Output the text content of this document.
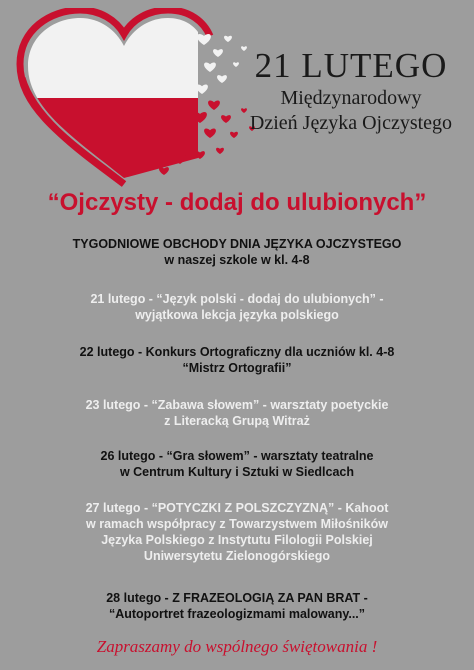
21 LUTEGO
Międzynarodowy
Dzień Języka Ojczystego
“Ojczysty - dodaj do ulubionych”
TYGODNIOWE OBCHODY DNIA JĘZYKA OJCZYSTEGO
w naszej szkole w kl. 4-8
21 lutego - “Język polski - dodaj do ulubionych” -
wyjątkowa lekcja języka polskiego
22 lutego - Konkurs Ortograficzny dla uczniów kl. 4-8
“Mistrz Ortografii”
23 lutego - “Zabawa słowem” - warsztaty poetyckie
z Literacką Grupą Witraż
26 lutego - “Gra słowem” - warsztaty teatralne
w Centrum Kultury i Sztuki w Siedlcach
27 lutego - “POTYCZKI Z POLSZCZYZNĄ” - Kahoot
w ramach współpracy z Towarzystwem Miłośników
Języka Polskiego z Instytutu Filologii Polskiej
Uniwersytetu Zielonogórskiego
28 lutego - Z FRAZEOLOGIĄ ZA PAN BRAT -
“Autoportret frazeologizmami malowany...”
Zapraszamy do wspólnego świętowania !
